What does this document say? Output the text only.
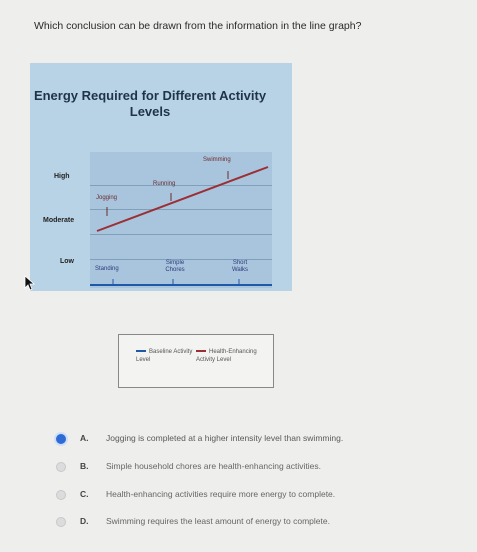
Which conclusion can be drawn from the information in the line graph?
Energy Required for Different Activity Levels
High
Moderate
Low
Swimming
Running
Jogging
Standing
Simple Chores
Short Walks
Baseline Activity Level
Health-Enhancing Activity Level
A. Jogging is completed at a higher intensity level than swimming.
B. Simple household chores are health-enhancing activities.
C. Health-enhancing activities require more energy to complete.
D. Swimming requires the least amount of energy to complete.
